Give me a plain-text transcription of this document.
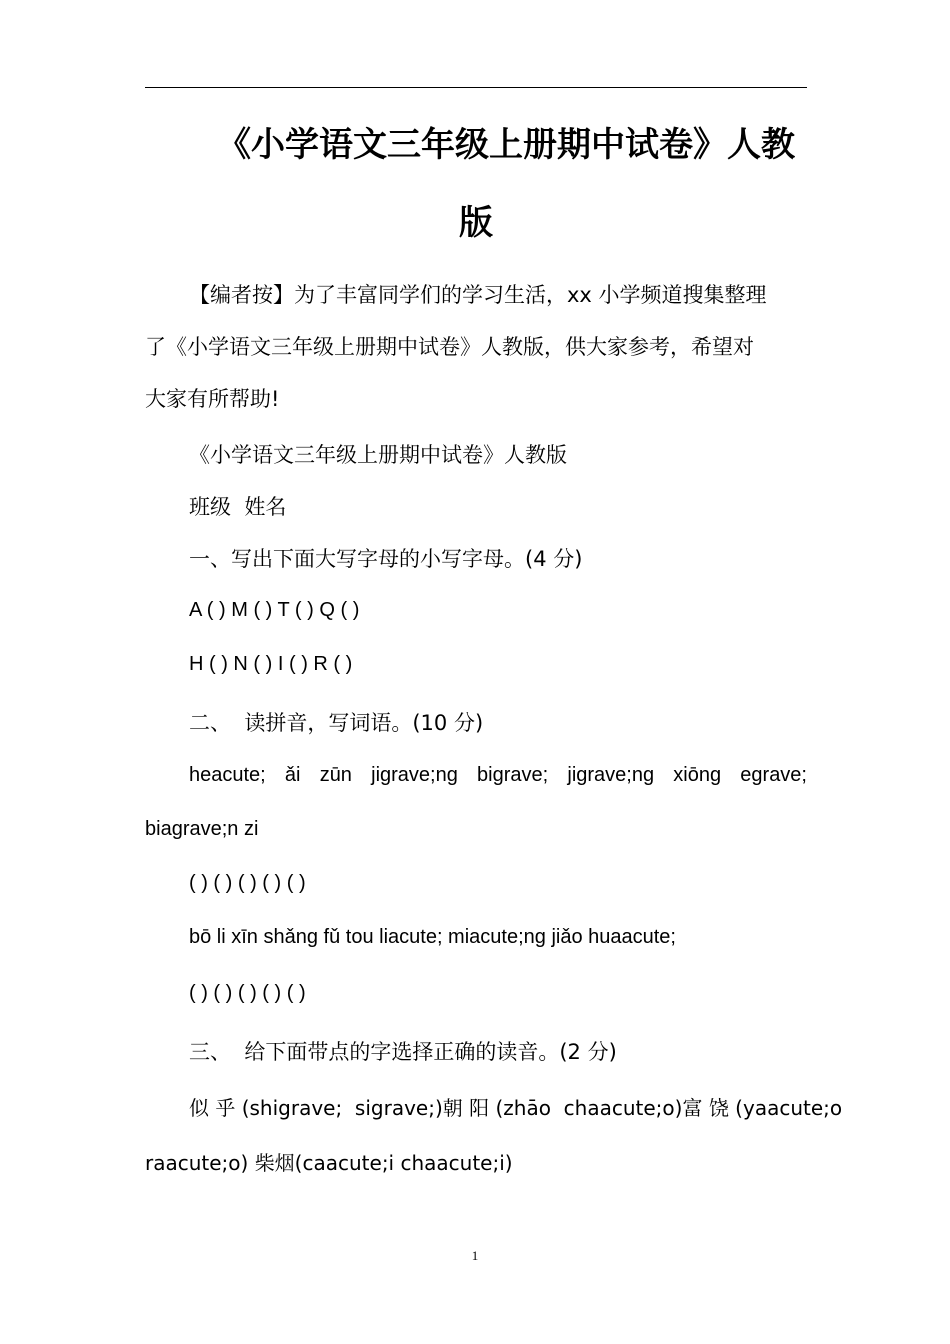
《小学语文三年级上册期中试卷》人教
版
【编者按】为了丰富同学们的学习生活，xx 小学频道搜集整理
了《小学语文三年级上册期中试卷》人教版，供大家参考，希望对
大家有所帮助!
《小学语文三年级上册期中试卷》人教版
班级  姓名
一、写出下面大写字母的小写字母。(4 分)
A ( ) M ( ) T ( ) Q ( )
H ( ) N ( ) I ( ) R ( )
二、  读拼音，写词语。(10 分)
heacute; ǎi zūn jigrave;ng bigrave; jigrave;ng xiōng egrave;
biagrave;n zi
( ) ( ) ( ) ( ) ( )
bō li xīn shǎng fǔ tou liacute; miacute;ng jiǎo huaacute;
( ) ( ) ( ) ( ) ( )
三、  给下面带点的字选择正确的读音。(2 分)
似 乎 (shigrave;  sigrave;) 朝 阳 (zhāo  chaacute;o) 富 饶 (yaacute;o
raacute;o) 柴烟(caacute;i chaacute;i)
1
